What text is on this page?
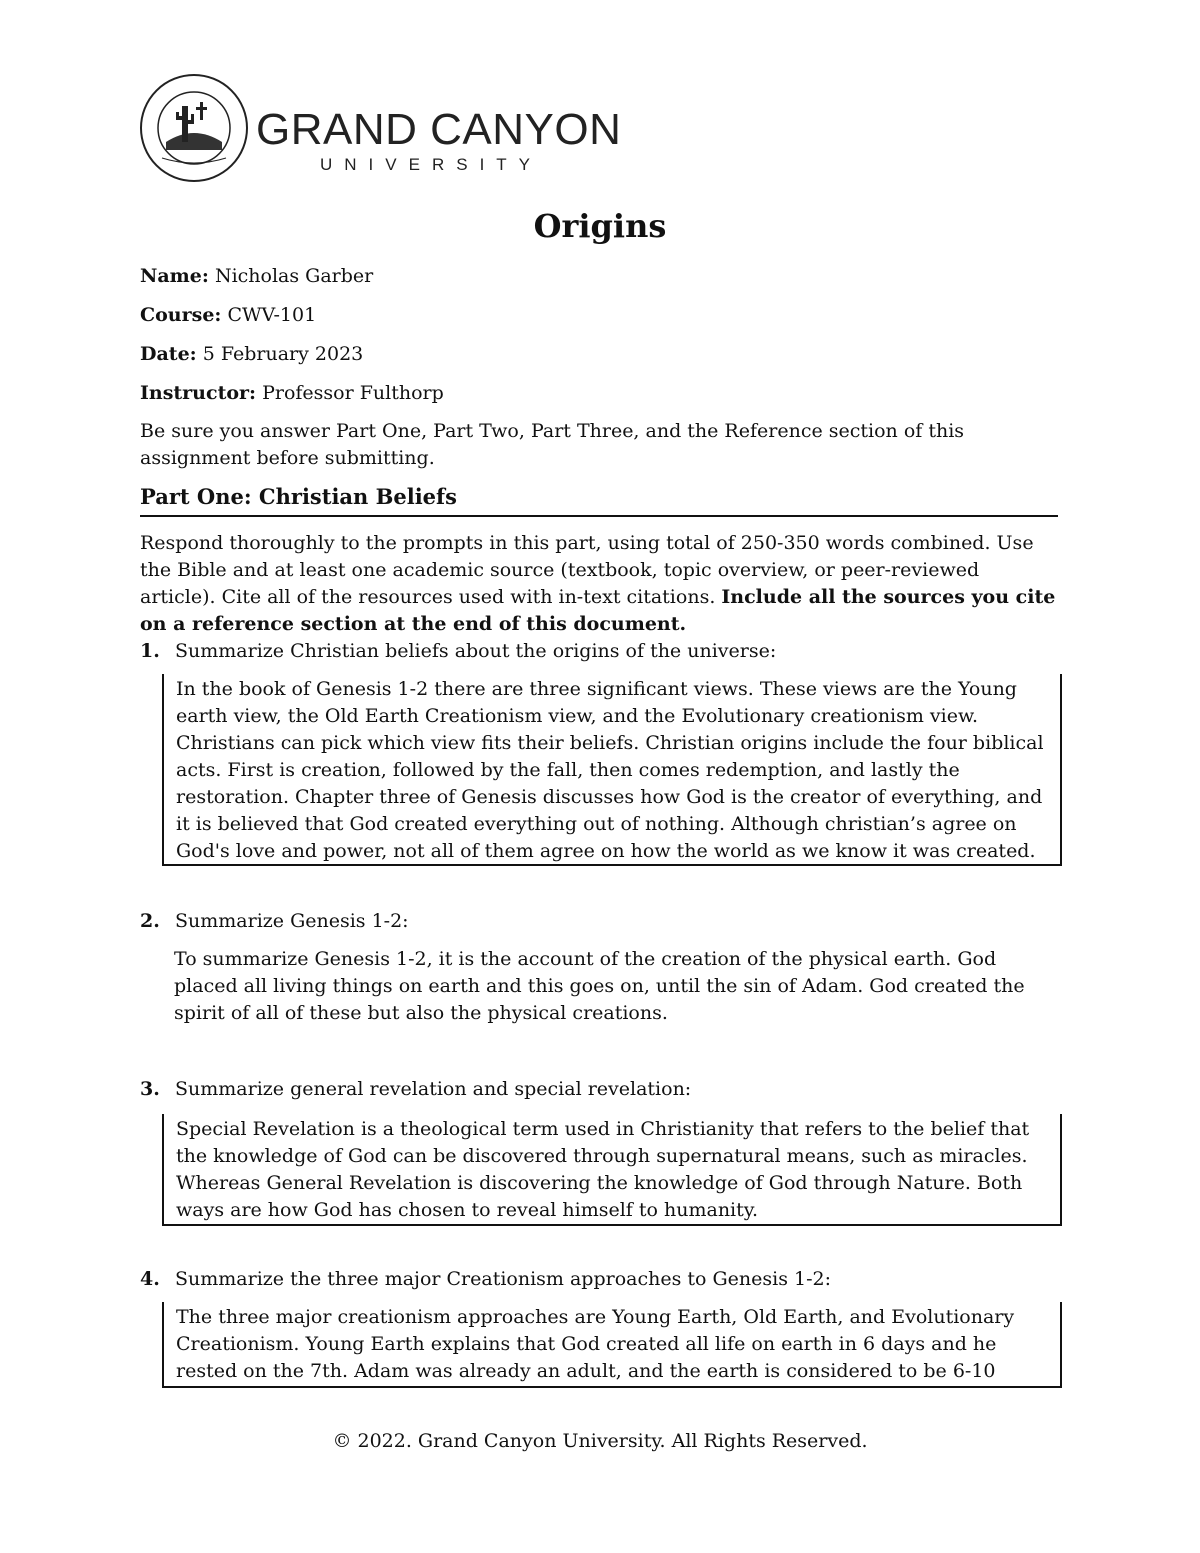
GRAND CANYON
UNIVERSITY
Origins
Name: Nicholas Garber
Course: CWV-101
Date: 5 February 2023
Instructor: Professor Fulthorp
Be sure you answer Part One, Part Two, Part Three, and the Reference section of this assignment before submitting.
Part One: Christian Beliefs
Respond thoroughly to the prompts in this part, using total of 250-350 words combined. Use the Bible and at least one academic source (textbook, topic overview, or peer-reviewed article). Cite all of the resources used with in-text citations. Include all the sources you cite on a reference section at the end of this document.
1. Summarize Christian beliefs about the origins of the universe:
In the book of Genesis 1-2 there are three significant views. These views are the Young earth view, the Old Earth Creationism view, and the Evolutionary creationism view. Christians can pick which view fits their beliefs. Christian origins include the four biblical acts. First is creation, followed by the fall, then comes redemption, and lastly the restoration. Chapter three of Genesis discusses how God is the creator of everything, and it is believed that God created everything out of nothing. Although christian’s agree on God's love and power, not all of them agree on how the world as we know it was created.
2. Summarize Genesis 1-2:
To summarize Genesis 1-2, it is the account of the creation of the physical earth. God placed all living things on earth and this goes on, until the sin of Adam. God created the spirit of all of these but also the physical creations.
3. Summarize general revelation and special revelation:
Special Revelation is a theological term used in Christianity that refers to the belief that the knowledge of God can be discovered through supernatural means, such as miracles. Whereas General Revelation is discovering the knowledge of God through Nature. Both ways are how God has chosen to reveal himself to humanity.
4. Summarize the three major Creationism approaches to Genesis 1-2:
The three major creationism approaches are Young Earth, Old Earth, and Evolutionary Creationism. Young Earth explains that God created all life on earth in 6 days and he rested on the 7th. Adam was already an adult, and the earth is considered to be 6-10
© 2022. Grand Canyon University. All Rights Reserved.
